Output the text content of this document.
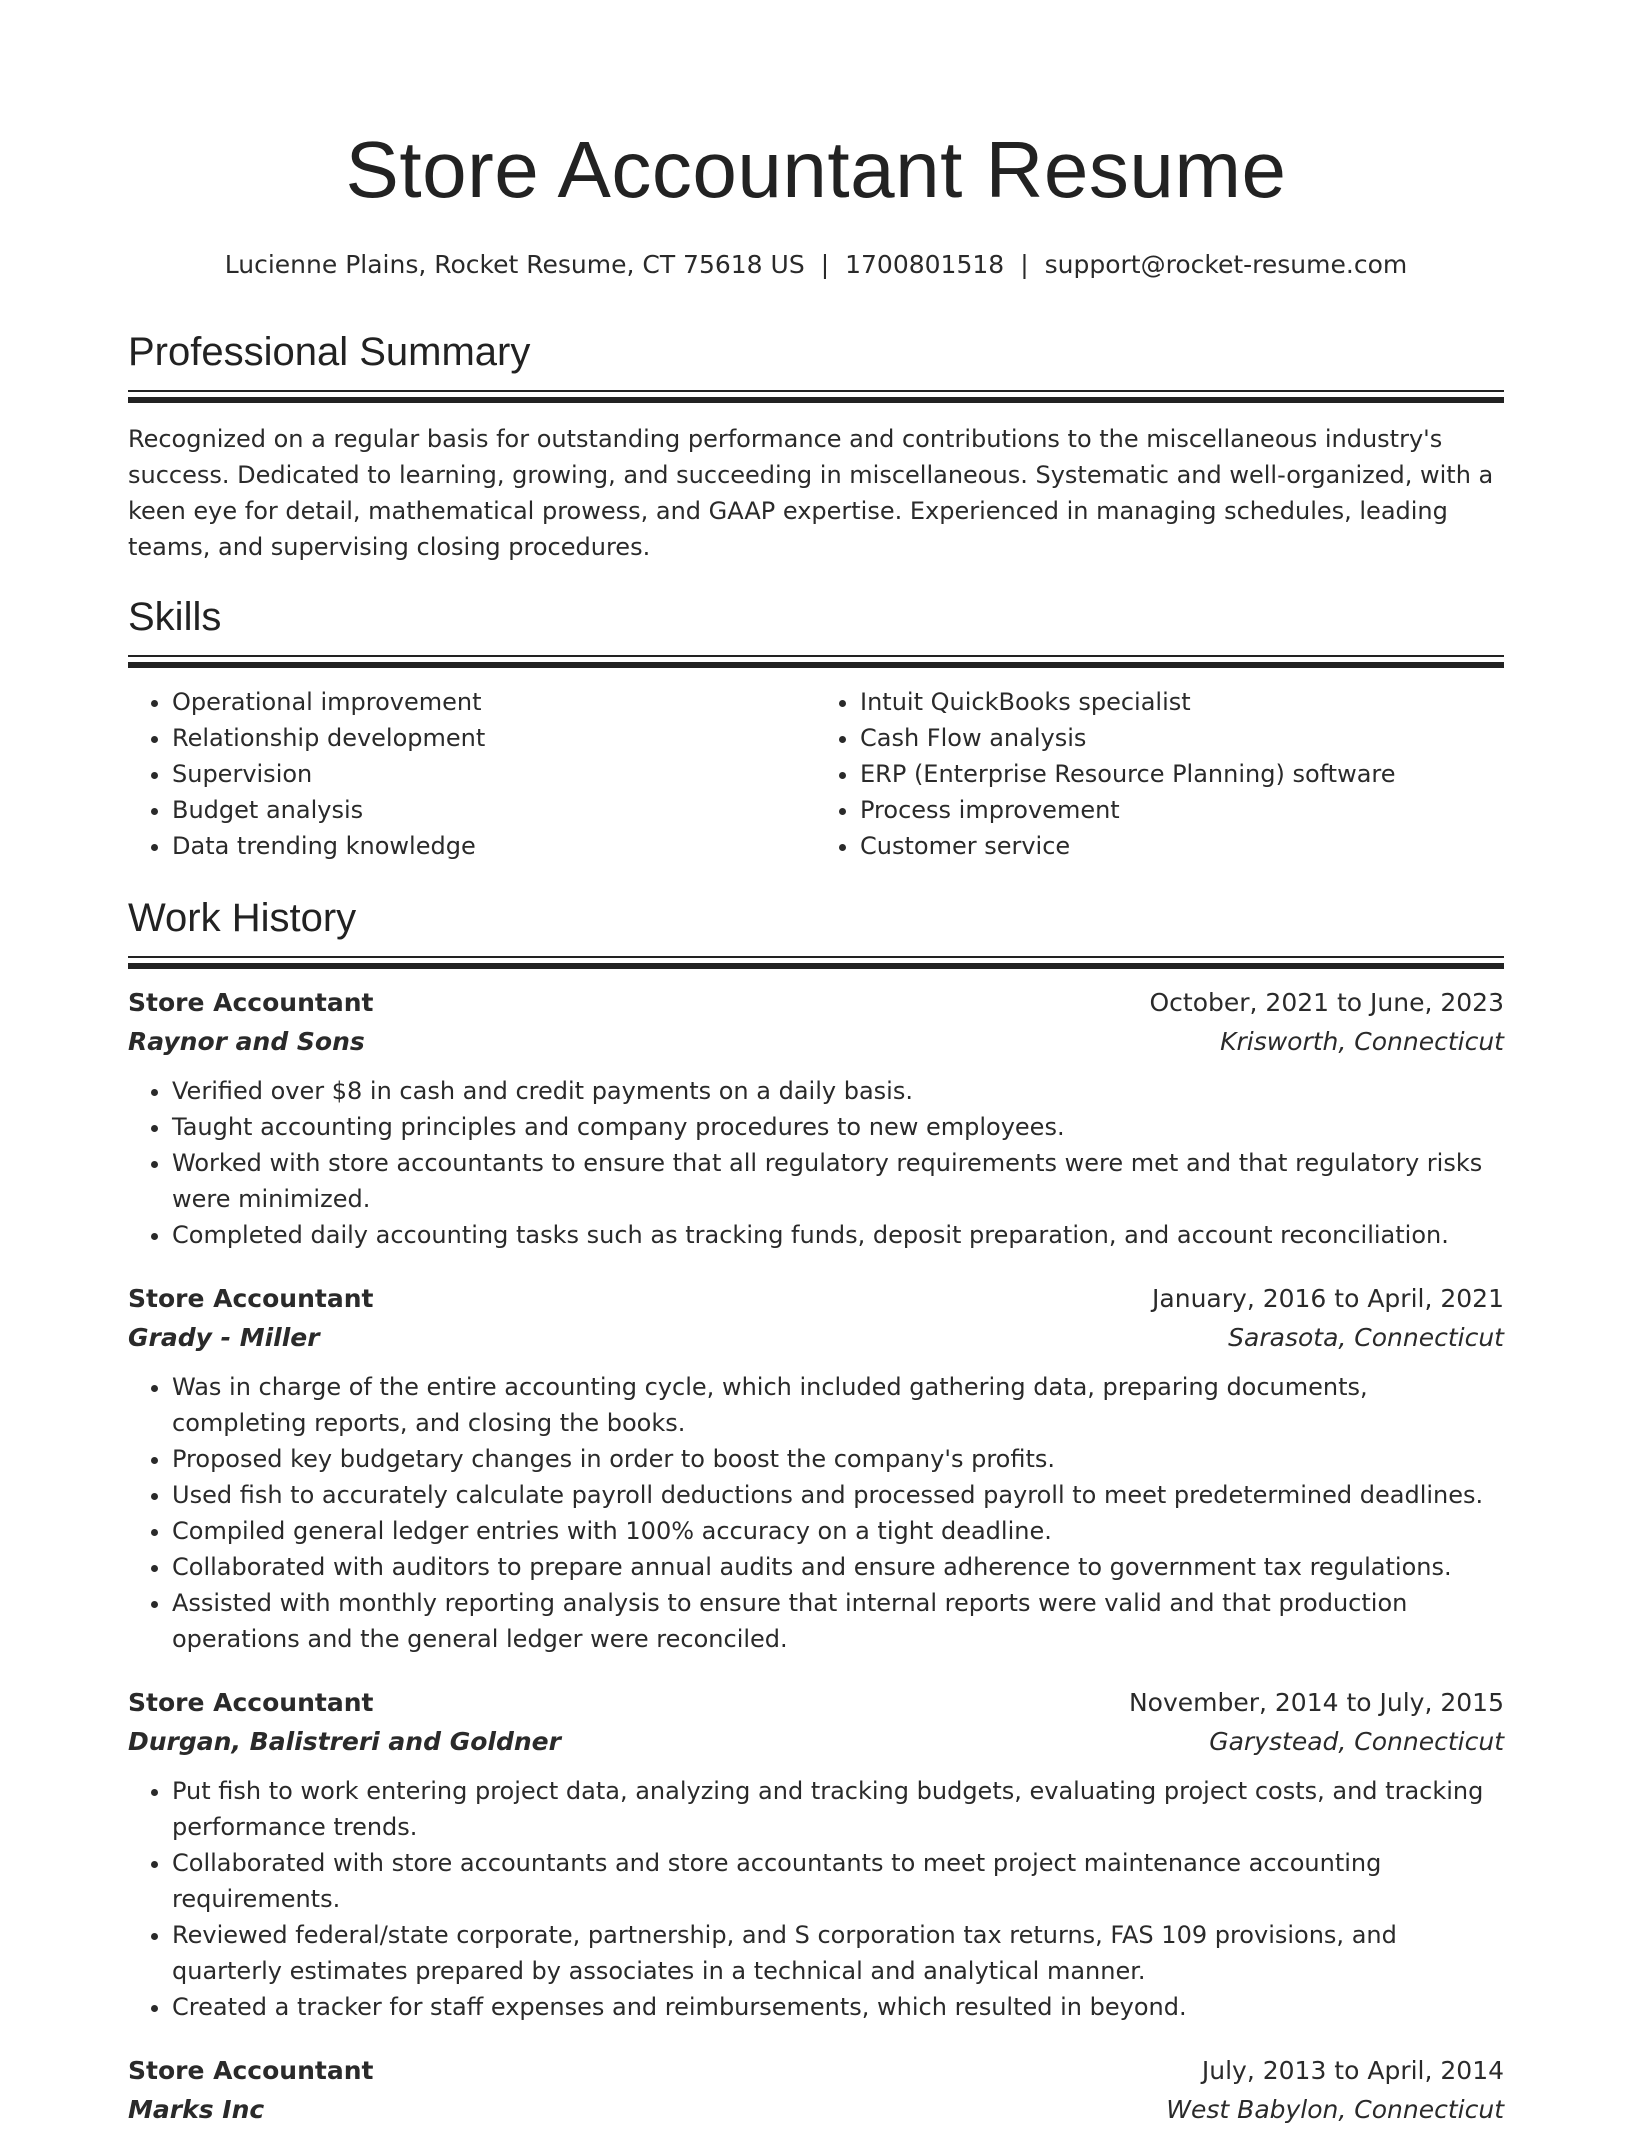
Store Accountant Resume
Lucienne Plains, Rocket Resume, CT 75618 US | 1700801518 | support@rocket-resume.com
Professional Summary

Recognized on a regular basis for outstanding performance and contributions to the miscellaneous industry's success. Dedicated to learning, growing, and succeeding in miscellaneous. Systematic and well-organized, with a keen eye for detail, mathematical prowess, and GAAP expertise. Experienced in managing schedules, leading teams, and supervising closing procedures.

Skills
• Operational improvement
• Relationship development
• Supervision
• Budget analysis
• Data trending knowledge
• Intuit QuickBooks specialist
• Cash Flow analysis
• ERP (Enterprise Resource Planning) software
• Process improvement
• Customer service
Work History
Store Accountant	October, 2021 to June, 2023
Raynor and Sons	Krisworth, Connecticut
• Verified over $8 in cash and credit payments on a daily basis.
• Taught accounting principles and company procedures to new employees.
• Worked with store accountants to ensure that all regulatory requirements were met and that regulatory risks were minimized.
• Completed daily accounting tasks such as tracking funds, deposit preparation, and account reconciliation.
Store Accountant	January, 2016 to April, 2021
Grady - Miller	Sarasota, Connecticut
• Was in charge of the entire accounting cycle, which included gathering data, preparing documents, completing reports, and closing the books.
• Proposed key budgetary changes in order to boost the company's profits.
• Used fish to accurately calculate payroll deductions and processed payroll to meet predetermined deadlines.
• Compiled general ledger entries with 100% accuracy on a tight deadline.
• Collaborated with auditors to prepare annual audits and ensure adherence to government tax regulations.
• Assisted with monthly reporting analysis to ensure that internal reports were valid and that production operations and the general ledger were reconciled.
Store Accountant	November, 2014 to July, 2015
Durgan, Balistreri and Goldner	Garystead, Connecticut
• Put fish to work entering project data, analyzing and tracking budgets, evaluating project costs, and tracking performance trends.
• Collaborated with store accountants and store accountants to meet project maintenance accounting requirements.
• Reviewed federal/state corporate, partnership, and S corporation tax returns, FAS 109 provisions, and quarterly estimates prepared by associates in a technical and analytical manner.
• Created a tracker for staff expenses and reimbursements, which resulted in beyond.
Store Accountant	July, 2013 to April, 2014
Marks Inc	West Babylon, Connecticut
